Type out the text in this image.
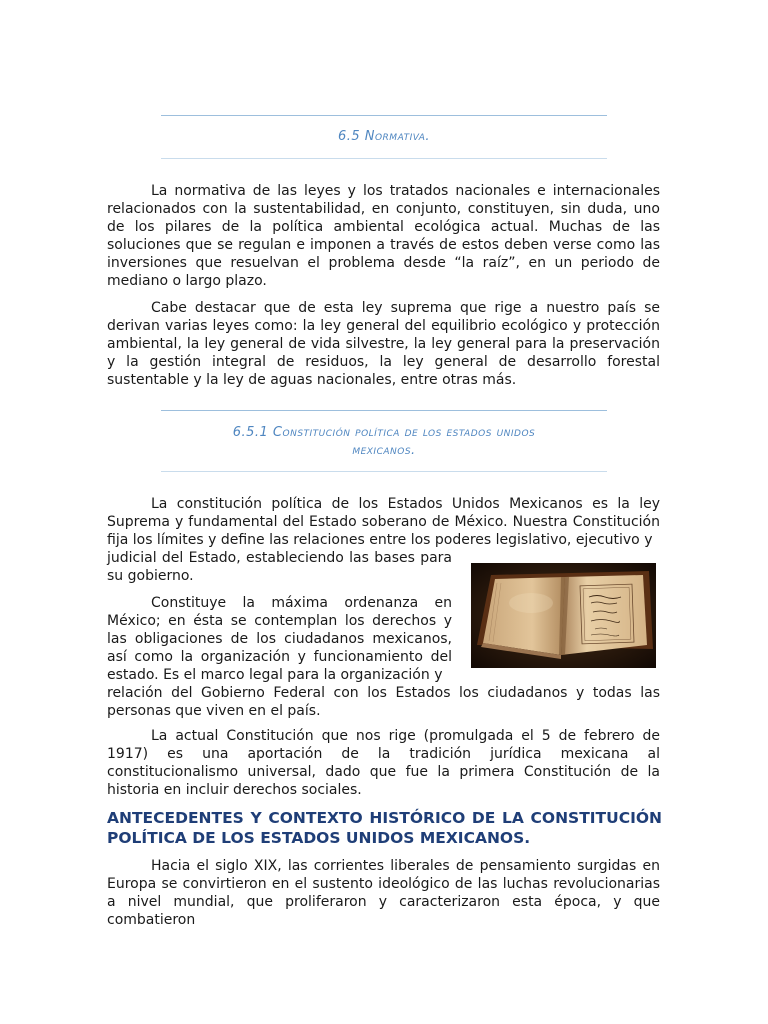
6.5 Normativa.

La normativa de las leyes y los tratados nacionales e internacionales relacionados con la sustentabilidad, en conjunto, constituyen, sin duda, uno de los pilares de la política ambiental ecológica actual. Muchas de las soluciones que se regulan e imponen a través de estos deben verse como las inversiones que resuelvan el problema desde “la raíz”, en un periodo de mediano o largo plazo.

Cabe destacar que de esta ley suprema que rige a nuestro país se derivan varias leyes como: la ley general del equilibrio ecológico y protección ambiental, la ley general de vida silvestre, la ley general para la preservación y la gestión integral de residuos, la ley general de desarrollo forestal sustentable y la ley de aguas nacionales, entre otras más.

6.5.1 Constitución política de los estados unidos
mexicanos.

La constitución política de los Estados Unidos Mexicanos es la ley Suprema y fundamental del Estado soberano de México. Nuestra Constitución fija los límites y define las relaciones entre los poderes legislativo, ejecutivo y

judicial del Estado, estableciendo las bases para su gobierno.

Constituye la máxima ordenanza en México; en ésta se contemplan los derechos y las obligaciones de los ciudadanos mexicanos, así como la organización y funcionamiento del estado. Es el marco legal para la organización y

relación del Gobierno Federal con los Estados los ciudadanos y todas las personas que viven en el país.

La actual Constitución que nos rige (promulgada el 5 de febrero de 1917) es una aportación de la tradición jurídica mexicana al constitucionalismo universal, dado que fue la primera Constitución de la historia en incluir derechos sociales.

ANTECEDENTES Y CONTEXTO HISTÓRICO DE LA CONSTITUCIÓN POLÍTICA DE LOS ESTADOS UNIDOS MEXICANOS.

Hacia el siglo XIX, las corrientes liberales de pensamiento surgidas en Europa se convirtieron en el sustento ideológico de las luchas revolucionarias a nivel mundial, que proliferaron y caracterizaron esta época, y que combatieron
